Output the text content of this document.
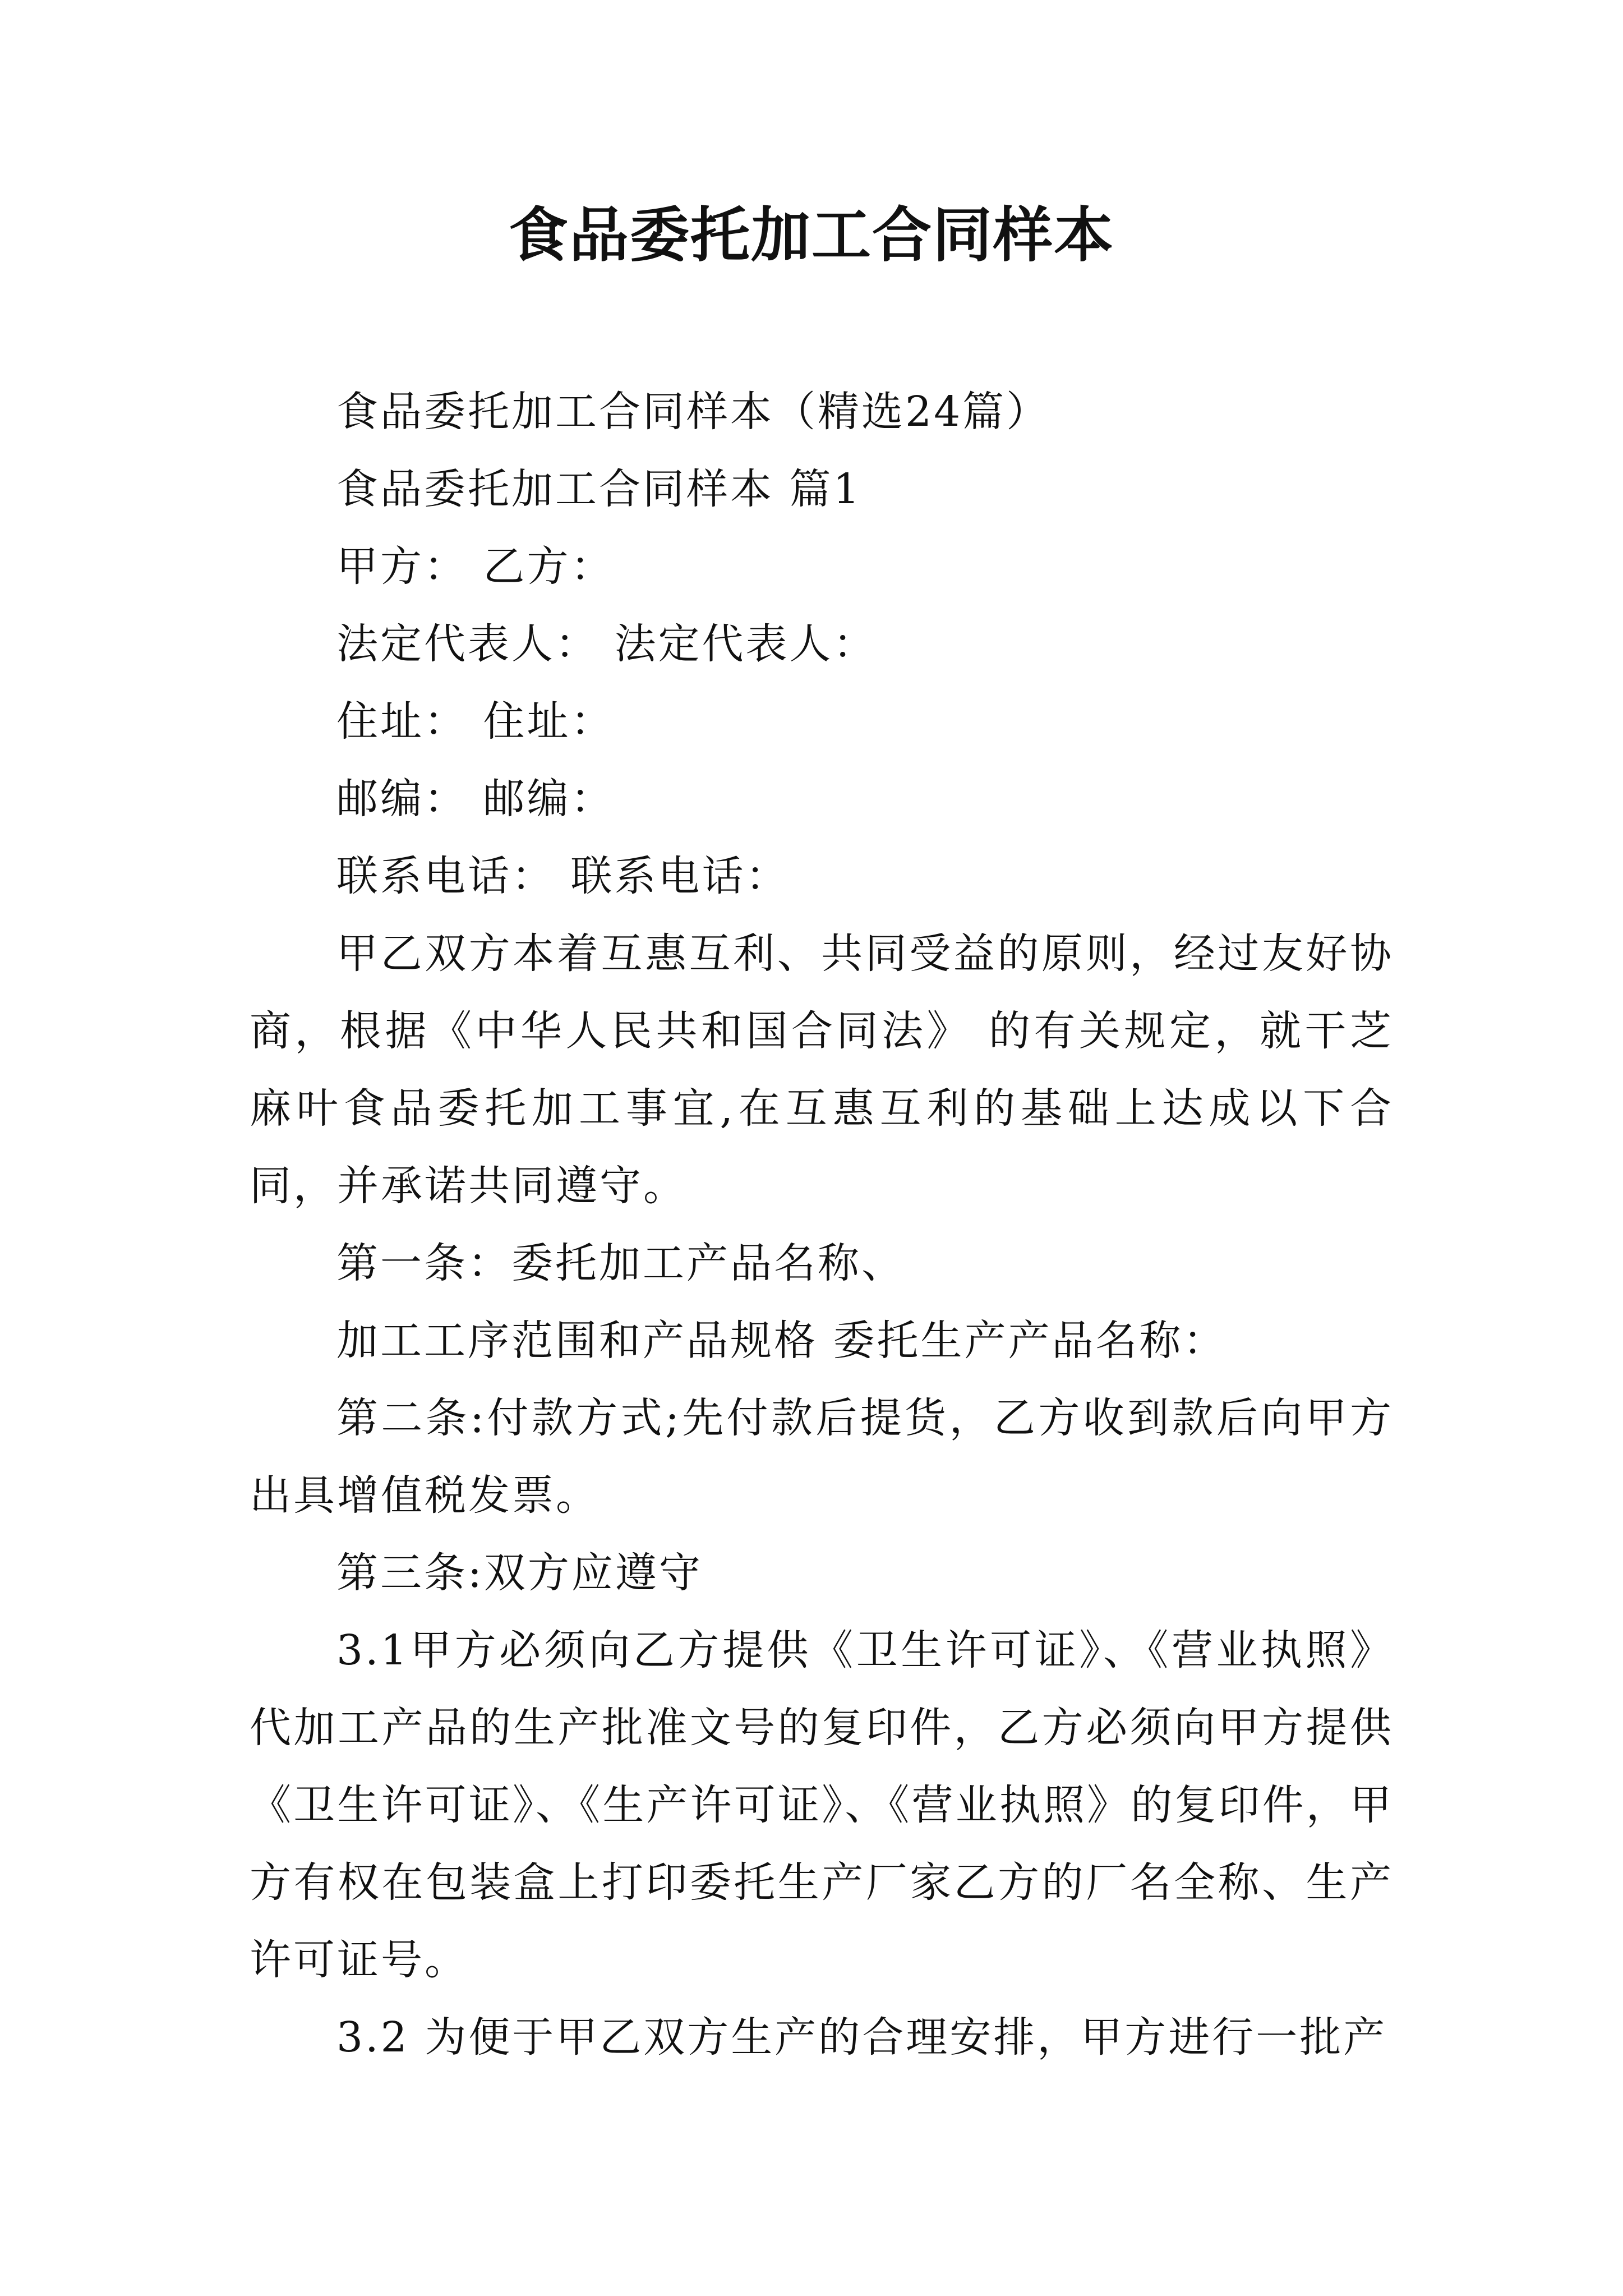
食品委托加工合同样本

食品委托加工合同样本（精选24篇）

食品委托加工合同样本 篇1

甲方： 乙方：

法定代表人： 法定代表人：

住址： 住址：

邮编： 邮编：

联系电话： 联系电话：

甲乙双方本着互惠互利、共同受益的原则，经过友好协商，根据《中华人民共和国合同法》 的有关规定，就干芝麻叶食品委托加工事宜,在互惠互利的基础上达成以下合同，并承诺共同遵守。

第一条：委托加工产品名称、

加工工序范围和产品规格 委托生产产品名称：

第二条:付款方式;先付款后提货，乙方收到款后向甲方出具增值税发票。

第三条:双方应遵守

3.1甲方必须向乙方提供《卫生许可证》、《营业执照》代加工产品的生产批准文号的复印件，乙方必须向甲方提供《卫生许可证》、《生产许可证》、《营业执照》的复印件，甲方有权在包装盒上打印委托生产厂家乙方的厂名全称、生产许可证号。

3.2 为便于甲乙双方生产的合理安排，甲方进行一批产
